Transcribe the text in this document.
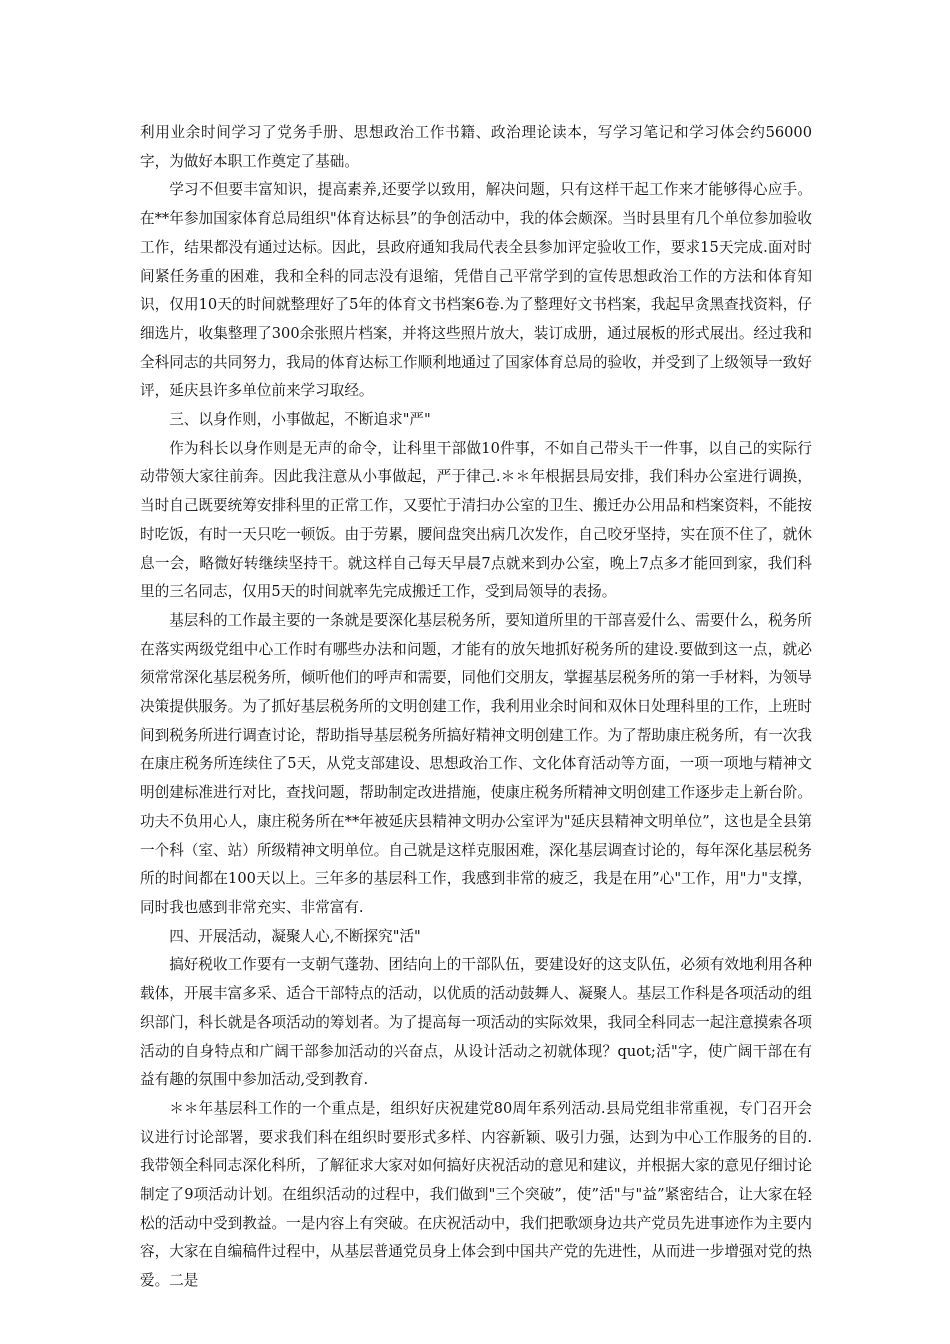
利用业余时间学习了党务手册、思想政治工作书籍、政治理论读本，写学习笔记和学习体会约56000字，为做好本职工作奠定了基础。

学习不但要丰富知识，提高素养,还要学以致用，解决问题，只有这样干起工作来才能够得心应手。在**年参加国家体育总局组织"体育达标县”的争创活动中，我的体会颇深。当时县里有几个单位参加验收工作，结果都没有通过达标。因此，县政府通知我局代表全县参加评定验收工作，要求15天完成.面对时间紧任务重的困难，我和全科的同志没有退缩，凭借自己平常学到的宣传思想政治工作的方法和体育知识，仅用10天的时间就整理好了5年的体育文书档案6卷.为了整理好文书档案，我起早贪黑查找资料，仔细选片，收集整理了300余张照片档案，并将这些照片放大，装订成册，通过展板的形式展出。经过我和全科同志的共同努力，我局的体育达标工作顺利地通过了国家体育总局的验收，并受到了上级领导一致好评，延庆县许多单位前来学习取经。

三、以身作则，小事做起，不断追求"严"

作为科长以身作则是无声的命令，让科里干部做10件事，不如自己带头干一件事，以自己的实际行动带领大家往前奔。因此我注意从小事做起，严于律己.＊＊年根据县局安排，我们科办公室进行调换，当时自己既要统筹安排科里的正常工作，又要忙于清扫办公室的卫生、搬迁办公用品和档案资料，不能按时吃饭，有时一天只吃一顿饭。由于劳累，腰间盘突出病几次发作，自己咬牙坚持，实在顶不住了，就休息一会，略微好转继续坚持干。就这样自己每天早晨7点就来到办公室，晚上7点多才能回到家，我们科里的三名同志，仅用5天的时间就率先完成搬迁工作，受到局领导的表扬。

基层科的工作最主要的一条就是要深化基层税务所，要知道所里的干部喜爱什么、需要什么，税务所在落实两级党组中心工作时有哪些办法和问题，才能有的放矢地抓好税务所的建设.要做到这一点，就必须常常深化基层税务所，倾听他们的呼声和需要，同他们交朋友，掌握基层税务所的第一手材料，为领导决策提供服务。为了抓好基层税务所的文明创建工作，我利用业余时间和双休日处理科里的工作，上班时间到税务所进行调查讨论，帮助指导基层税务所搞好精神文明创建工作。为了帮助康庄税务所，有一次我在康庄税务所连续住了5天，从党支部建设、思想政治工作、文化体育活动等方面，一项一项地与精神文明创建标准进行对比，查找问题，帮助制定改进措施，使康庄税务所精神文明创建工作逐步走上新台阶。功夫不负用心人，康庄税务所在**年被延庆县精神文明办公室评为"延庆县精神文明单位”，这也是全县第一个科（室、站）所级精神文明单位。自己就是这样克服困难，深化基层调查讨论的，每年深化基层税务所的时间都在100天以上。三年多的基层科工作，我感到非常的疲乏，我是在用”心"工作，用"力"支撑，同时我也感到非常充实、非常富有.

四、开展活动，凝聚人心,不断探究"活"

搞好税收工作要有一支朝气蓬勃、团结向上的干部队伍，要建设好的这支队伍，必须有效地利用各种载体，开展丰富多采、适合干部特点的活动，以优质的活动鼓舞人、凝聚人。基层工作科是各项活动的组织部门，科长就是各项活动的筹划者。为了提高每一项活动的实际效果，我同全科同志一起注意摸索各项活动的自身特点和广阔干部参加活动的兴奋点，从设计活动之初就体现？quot;活"字，使广阔干部在有益有趣的氛围中参加活动,受到教育.

＊＊年基层科工作的一个重点是，组织好庆祝建党80周年系列活动.县局党组非常重视，专门召开会议进行讨论部署，要求我们科在组织时要形式多样、内容新颖、吸引力强，达到为中心工作服务的目的.我带领全科同志深化科所，了解征求大家对如何搞好庆祝活动的意见和建议，并根据大家的意见仔细讨论制定了9项活动计划。在组织活动的过程中，我们做到"三个突破”，使”活"与"益”紧密结合，让大家在轻松的活动中受到教益。一是内容上有突破。在庆祝活动中，我们把歌颂身边共产党员先进事迹作为主要内容，大家在自编稿件过程中，从基层普通党员身上体会到中国共产党的先进性，从而进一步增强对党的热爱。二是
